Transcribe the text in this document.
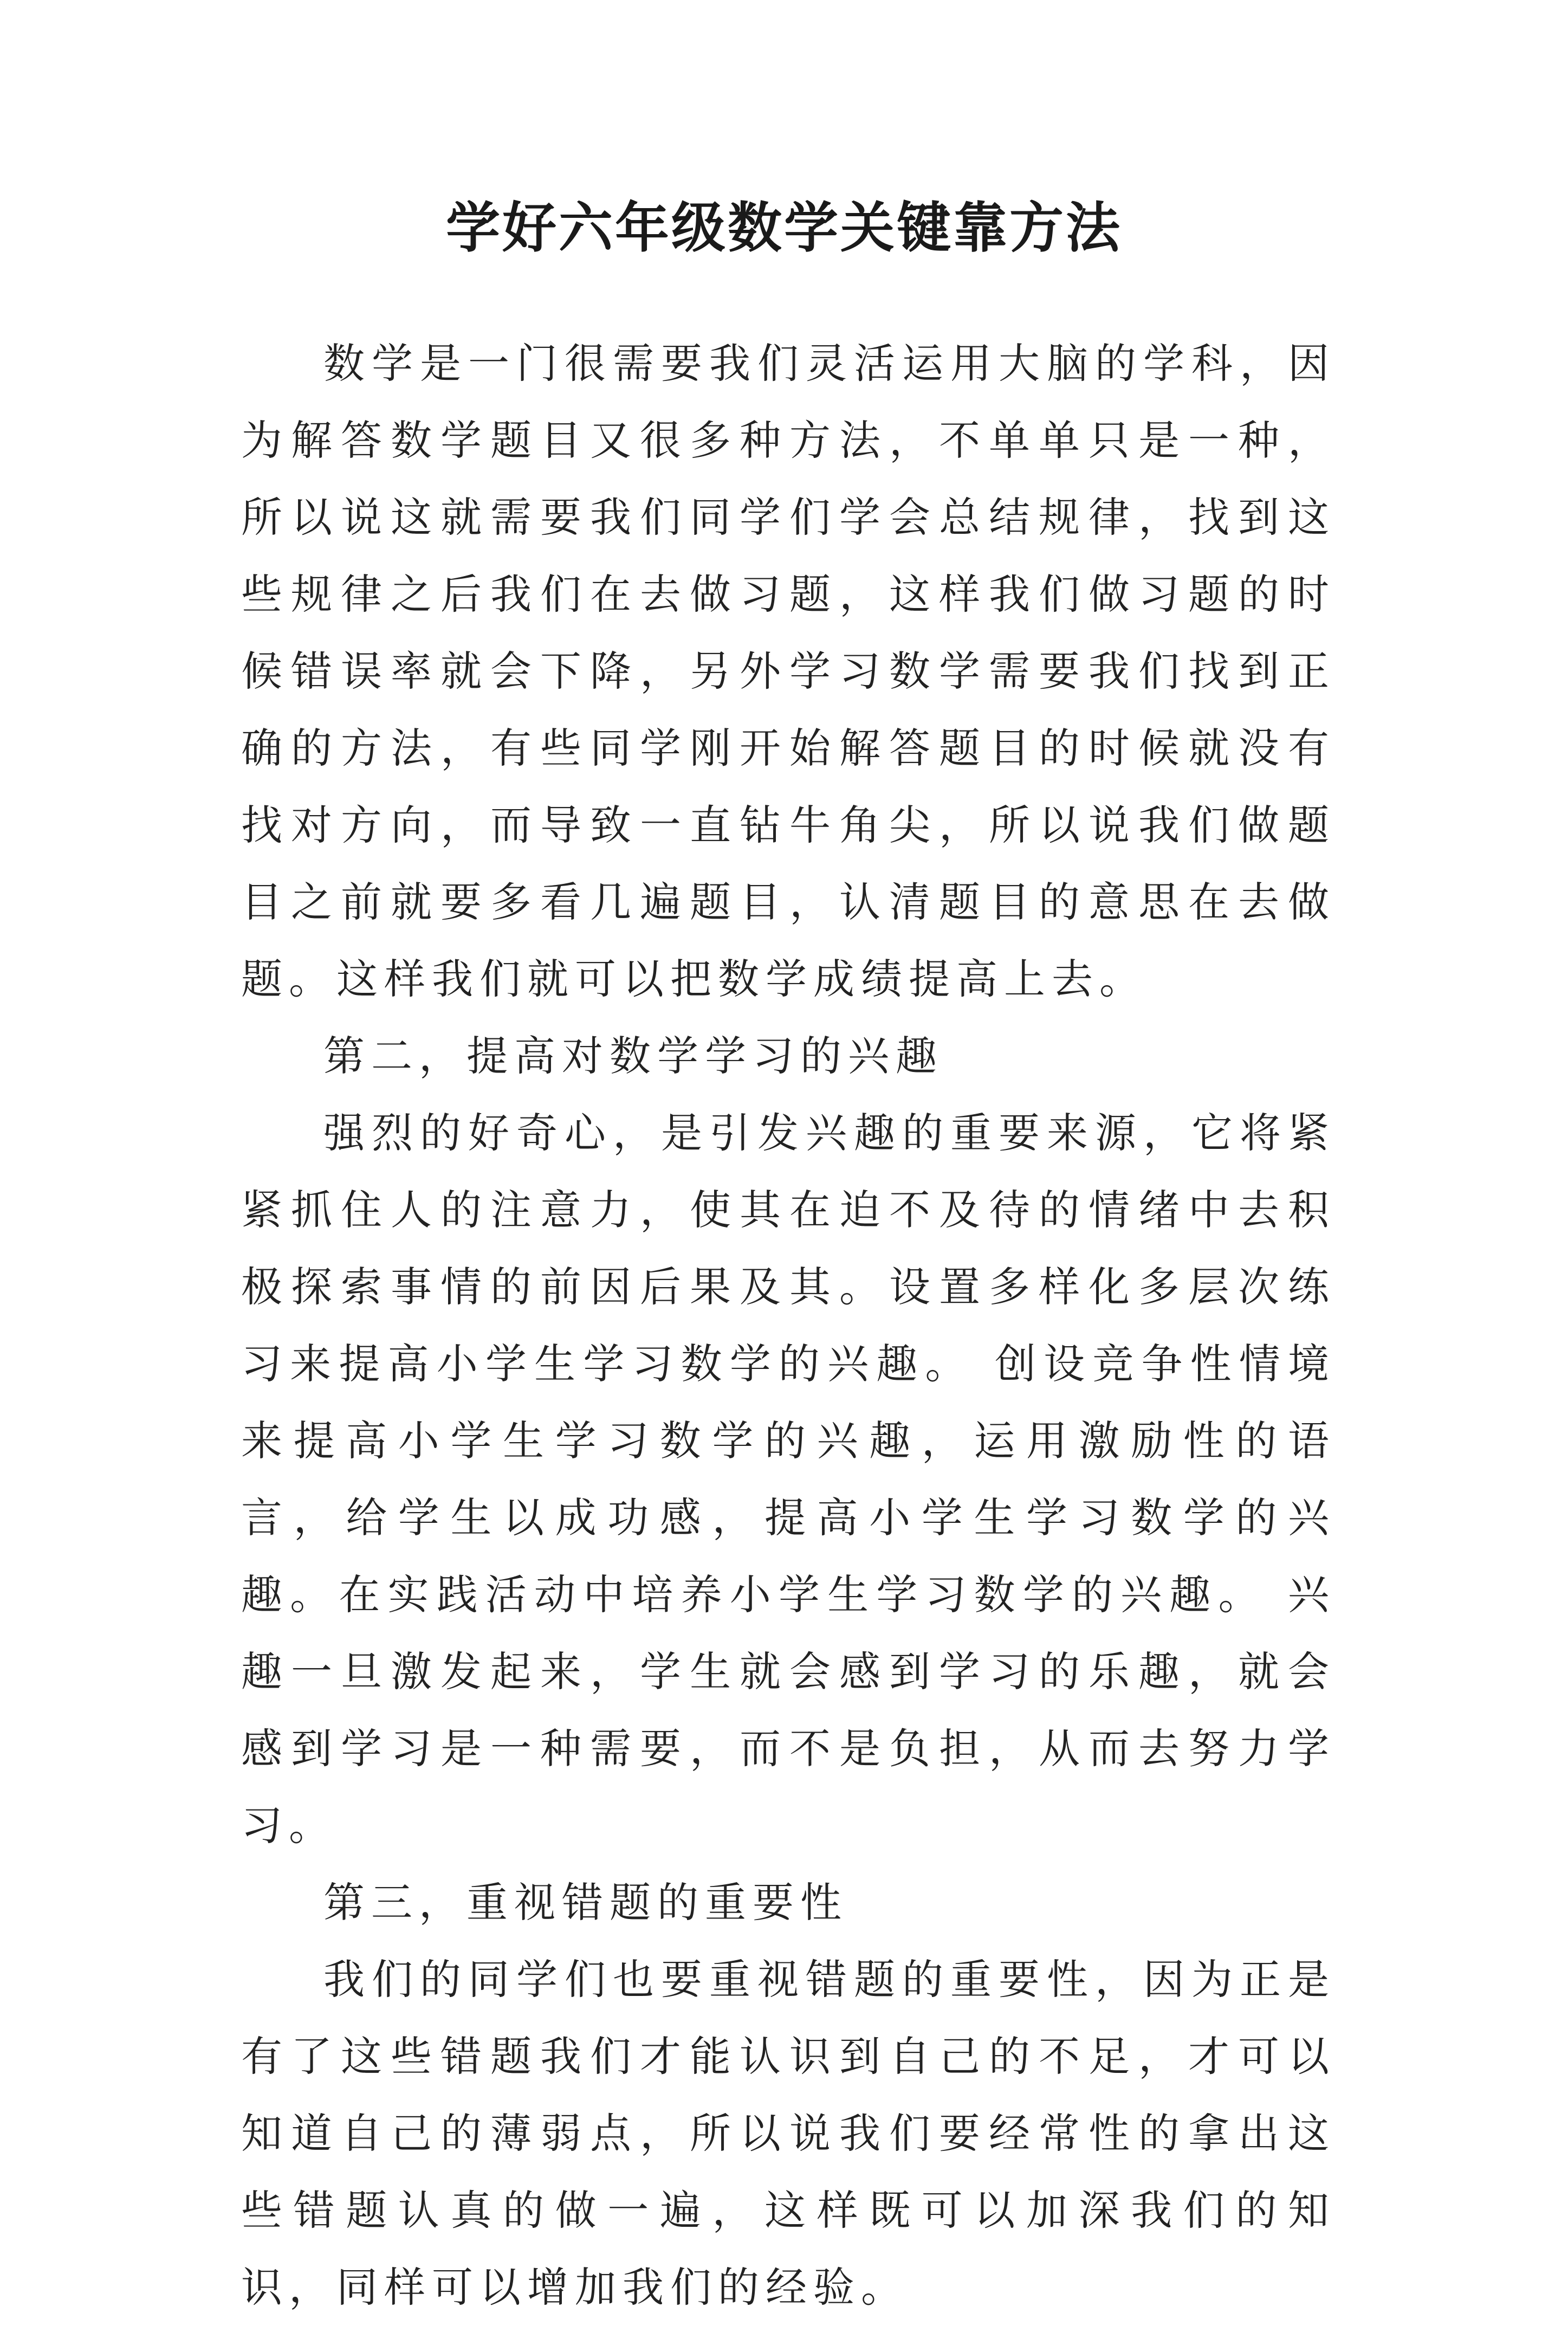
学好六年级数学关键靠方法

数学是一门很需要我们灵活运用大脑的学科，因为解答数学题目又很多种方法，不单单只是一种，所以说这就需要我们同学们学会总结规律，找到这些规律之后我们在去做习题，这样我们做习题的时候错误率就会下降，另外学习数学需要我们找到正确的方法，有些同学刚开始解答题目的时候就没有找对方向，而导致一直钻牛角尖，所以说我们做题目之前就要多看几遍题目，认清题目的意思在去做题。这样我们就可以把数学成绩提高上去。

第二，提高对数学学习的兴趣

强烈的好奇心，是引发兴趣的重要来源，它将紧紧抓住人的注意力，使其在迫不及待的情绪中去积极探索事情的前因后果及其。设置多样化多层次练习来提高小学生学习数学的兴趣。 创设竞争性情境来提高小学生学习数学的兴趣，运用激励性的语言，给学生以成功感，提高小学生学习数学的兴趣。在实践活动中培养小学生学习数学的兴趣。 兴趣一旦激发起来，学生就会感到学习的乐趣，就会感到学习是一种需要，而不是负担，从而去努力学习。

第三，重视错题的重要性

我们的同学们也要重视错题的重要性，因为正是有了这些错题我们才能认识到自己的不足，才可以知道自己的薄弱点，所以说我们要经常性的拿出这些错题认真的做一遍，这样既可以加深我们的知识，同样可以增加我们的经验。
